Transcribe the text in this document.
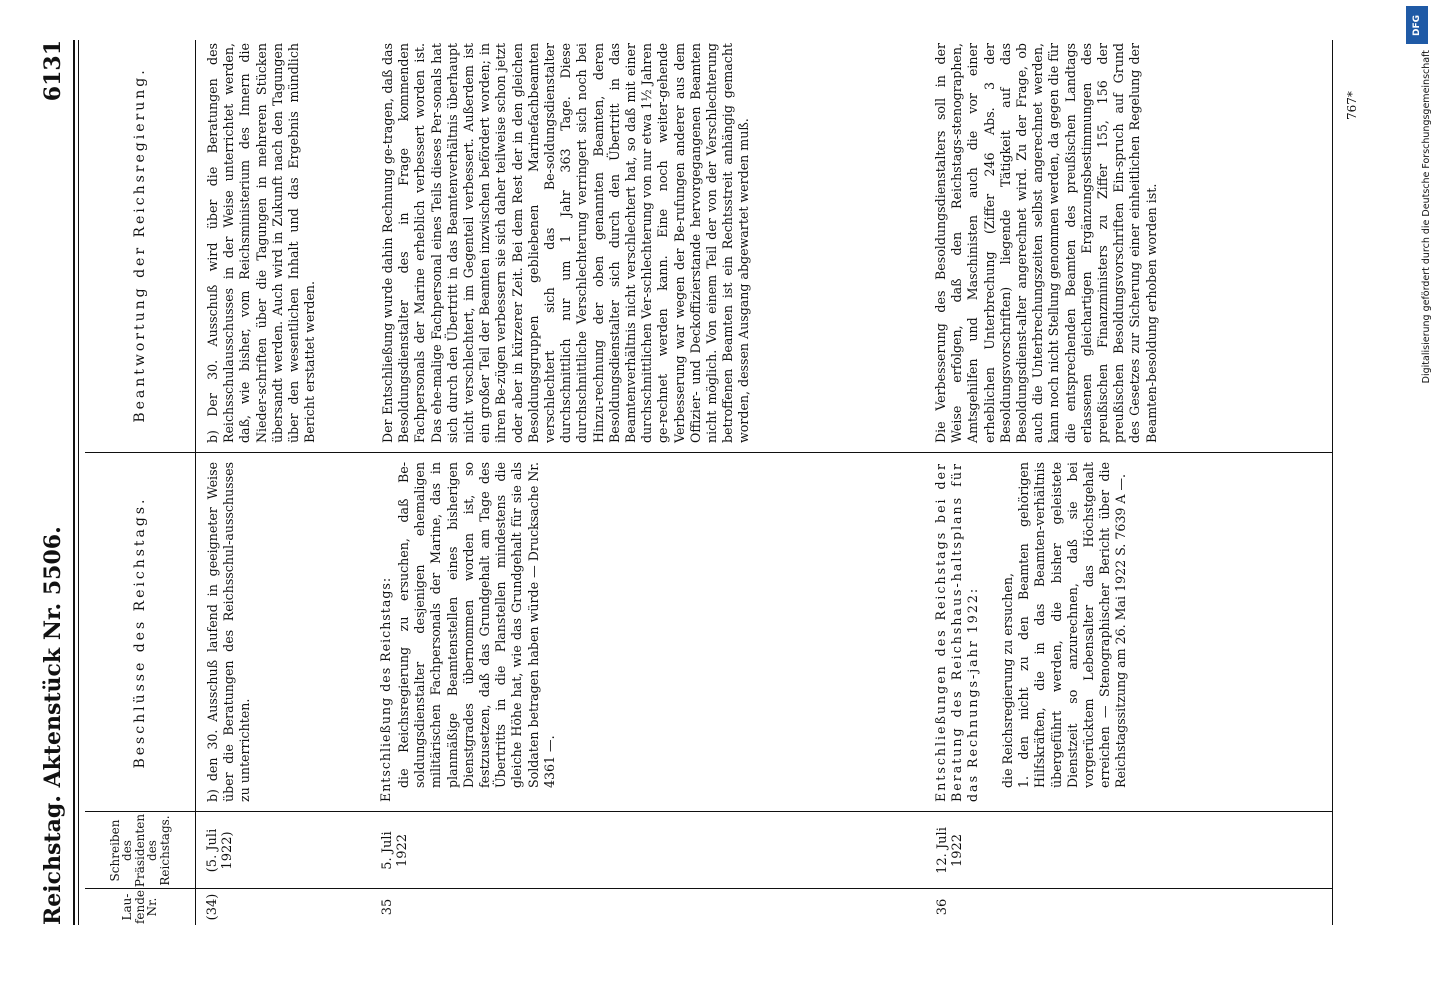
Reichstag. Aktenstück Nr. 5506.
6131
Lau-
fende
Nr.
Schreiben
des
Präsidenten
des
Reichstags.
Beschlüsse des Reichstags.
Beantwortung der Reichsregierung.
(34)
(5. Juli
1922)
b) den 30. Ausschuß laufend in geeigneter Weise über die Beratungen des Reichsschul-ausschusses zu unterrichten.
b) Der 30. Ausschuß wird über die Beratungen des Reichsschulausschusses in der Weise unterrichtet werden, daß, wie bisher, vom Reichsministerium des Innern die Nieder-schriften über die Tagungen in mehreren Stücken übersandt werden. Auch wird in Zukunft nach den Tagungen über den wesentlichen Inhalt und das Ergebnis mündlich Bericht erstattet werden.
35
5. Juli
1922
Entschließung des Reichstags: die Reichsregierung zu ersuchen, daß Be-soldungsdienstalter desjenigen ehemaligen militärischen Fachpersonals der Marine, das in planmäßige Beamtenstellen eines bisherigen Dienstgrades übernommen worden ist, so festzusetzen, daß das Grundgehalt am Tage des Übertritts in die Planstellen mindestens die gleiche Höhe hat, wie das Grundgehalt für sie als Soldaten betragen haben würde — Drucksache Nr. 4361 —.
Der Entschließung wurde dahin Rechnung ge-tragen, daß das Besoldungsdienstalter des in Frage kommenden Fachpersonals der Marine erheblich verbessert worden ist. Das ehe-malige Fachpersonal eines Teils dieses Per-sonals hat sich durch den Übertritt in das Beamtenverhältnis überhaupt nicht verschlechtert, im Gegenteil verbessert. Außerdem ist ein großer Teil der Beamten inzwischen befördert worden; in ihren Be-zügen verbessern sie sich daher teilweise schon jetzt oder aber in kürzerer Zeit. Bei dem Rest der in den gleichen Besoldungsgruppen gebliebenen Marinefachbeamten verschlechtert sich das Be-soldungsdienstalter durchschnittlich nur um 1 Jahr 363 Tage. Diese durchschnittliche Verschlechterung verringert sich noch bei Hinzu-rechnung der oben genannten Beamten, deren Besoldungsdienstalter sich durch den Übertritt in das Beamtenverhältnis nicht verschlechtert hat, so daß mit einer durchschnittlichen Ver-schlechterung von nur etwa 1½ Jahren ge-rechnet werden kann. Eine noch weiter-gehende Verbesserung war wegen der Be-rufungen anderer aus dem Offizier- und Deckoffizierstande hervorgegangenen Beamten nicht möglich. Von einem Teil der von der Verschlechterung betroffenen Beamten ist ein Rechtsstreit anhängig gemacht worden, dessen Ausgang abgewartet werden muß.
36
12. Juli
1922
Entschließungen des Reichstags bei der Beratung des Reichshaus-haltsplans für das Rechnungs-jahr 1922: die Reichsregierung zu ersuchen,
1. den nicht zu den Beamten gehörigen Hilfskräften, die in das Beamten-verhältnis übergeführt werden, die bisher geleistete Dienstzeit so anzurechnen, daß sie bei vorgerücktem Lebensalter das Höchstgehalt erreichen — Stenographischer Bericht über die Reichstagssitzung am 26. Mai 1922 S. 7639 A —.
Die Verbesserung des Besoldungsdienstalters soll in der Weise erfolgen, daß den Reichstags-stenographen, Amtsgehilfen und Maschinisten auch die vor einer erheblichen Unterbrechung (Ziffer 246 Abs. 3 der Besoldungsvorschriften) liegende Tätigkeit auf das Besoldungsdienst-alter angerechnet wird. Zu der Frage, ob auch die Unterbrechungszeiten selbst angerechnet werden, kann noch nicht Stellung genommen werden, da gegen die für die entsprechenden Beamten des preußischen Landtags erlassenen gleichartigen Ergänzungsbestimmungen des preußischen Finanzministers zu Ziffer 155, 156 der preußischen Besoldungsvorschriften Ein-spruch auf Grund des Gesetzes zur Sicherung einer einheitlichen Regelung der Beamten-besoldung erhoben worden ist.
767*
DFG
Digitalisierung gefördert durch die Deutsche Forschungsgemeinschaft
